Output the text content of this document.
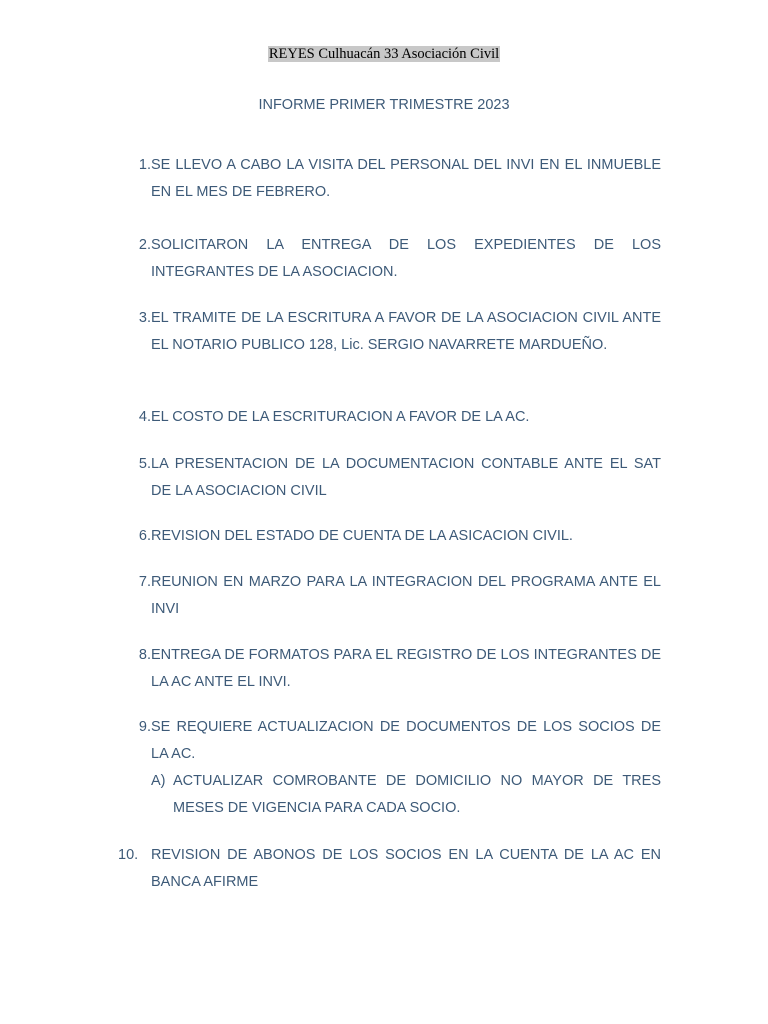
REYES Culhuacán 33 Asociación Civil
INFORME PRIMER TRIMESTRE 2023
1. SE LLEVO A CABO LA VISITA DEL PERSONAL DEL INVI EN EL INMUEBLE EN EL MES DE FEBRERO.
2. SOLICITARON LA ENTREGA DE LOS EXPEDIENTES DE LOS INTEGRANTES DE LA ASOCIACION.
3. EL TRAMITE DE LA ESCRITURA A FAVOR DE LA ASOCIACION CIVIL ANTE EL NOTARIO PUBLICO 128, Lic. SERGIO NAVARRETE MARDUEÑO.
4. EL COSTO DE LA ESCRITURACION A FAVOR DE LA AC.
5. LA PRESENTACION DE LA DOCUMENTACION CONTABLE ANTE EL SAT DE LA ASOCIACION CIVIL
6. REVISION DEL ESTADO DE CUENTA DE LA ASICACION CIVIL.
7. REUNION EN MARZO PARA LA INTEGRACION DEL PROGRAMA ANTE EL INVI
8. ENTREGA DE FORMATOS PARA EL REGISTRO DE LOS INTEGRANTES DE LA AC ANTE EL INVI.
9. SE REQUIERE ACTUALIZACION DE DOCUMENTOS DE LOS SOCIOS DE LA AC.
A) ACTUALIZAR COMROBANTE DE DOMICILIO NO MAYOR DE TRES MESES DE VIGENCIA PARA CADA SOCIO.
10. REVISION DE ABONOS DE LOS SOCIOS EN LA CUENTA DE LA AC EN BANCA AFIRME
